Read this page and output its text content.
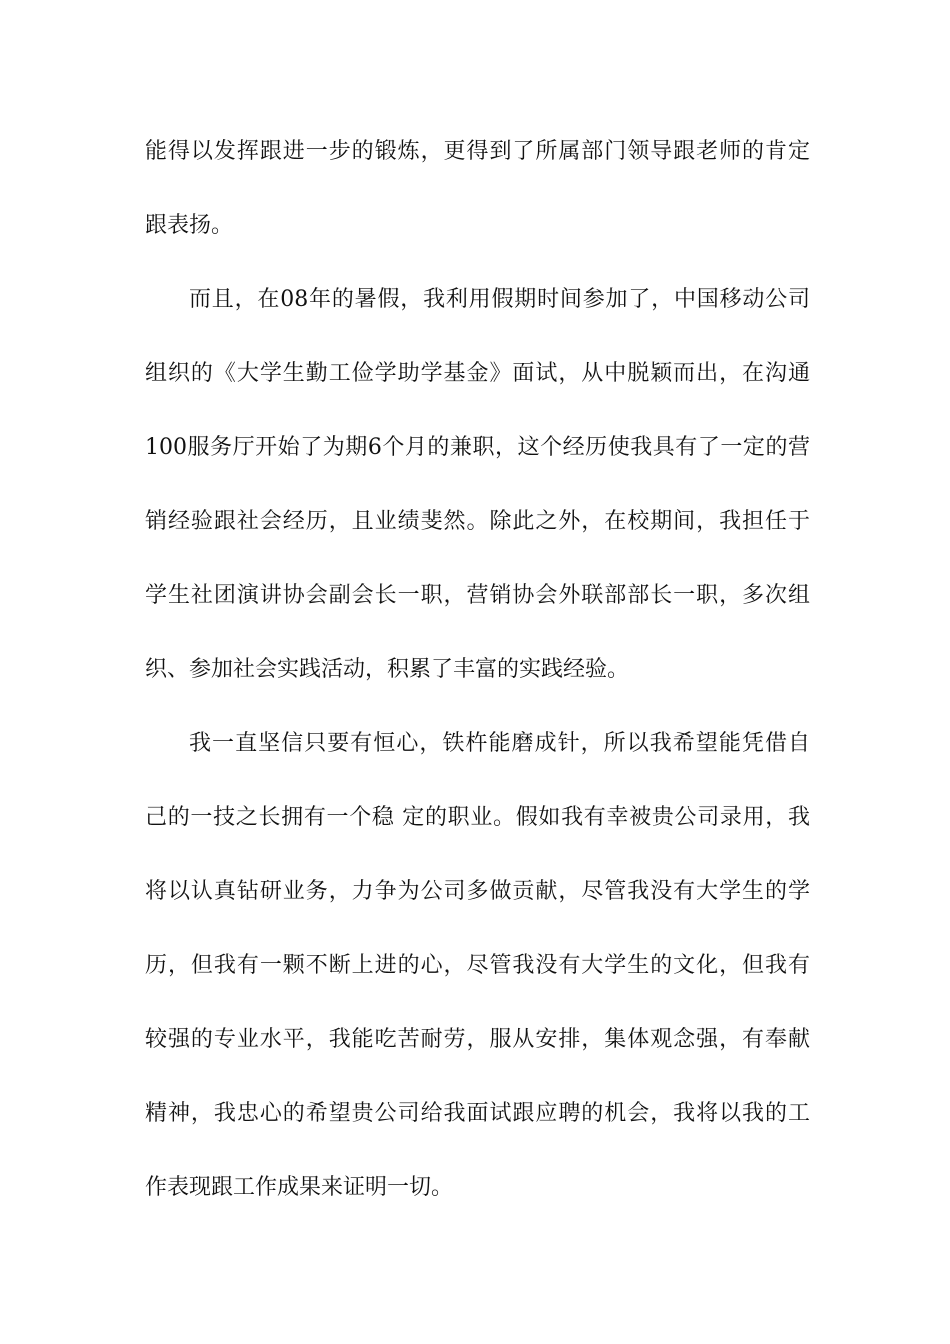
能得以发挥跟进一步的锻炼，更得到了所属部门领导跟老师的肯定
跟表扬。
而且，在08年的暑假，我利用假期时间参加了，中国移动公司
组织的《大学生勤工俭学助学基金》面试，从中脱颖而出，在沟通
100服务厅开始了为期6个月的兼职，这个经历使我具有了一定的营
销经验跟社会经历，且业绩斐然。除此之外，在校期间，我担任于
学生社团演讲协会副会长一职，营销协会外联部部长一职，多次组
织、参加社会实践活动，积累了丰富的实践经验。
我一直坚信只要有恒心，铁杵能磨成针，所以我希望能凭借自
己的一技之长拥有一个稳 定的职业。假如我有幸被贵公司录用，我
将以认真钻研业务，力争为公司多做贡献，尽管我没有大学生的学
历，但我有一颗不断上进的心，尽管我没有大学生的文化，但我有
较强的专业水平，我能吃苦耐劳，服从安排，集体观念强，有奉献
精神，我忠心的希望贵公司给我面试跟应聘的机会，我将以我的工
作表现跟工作成果来证明一切。
